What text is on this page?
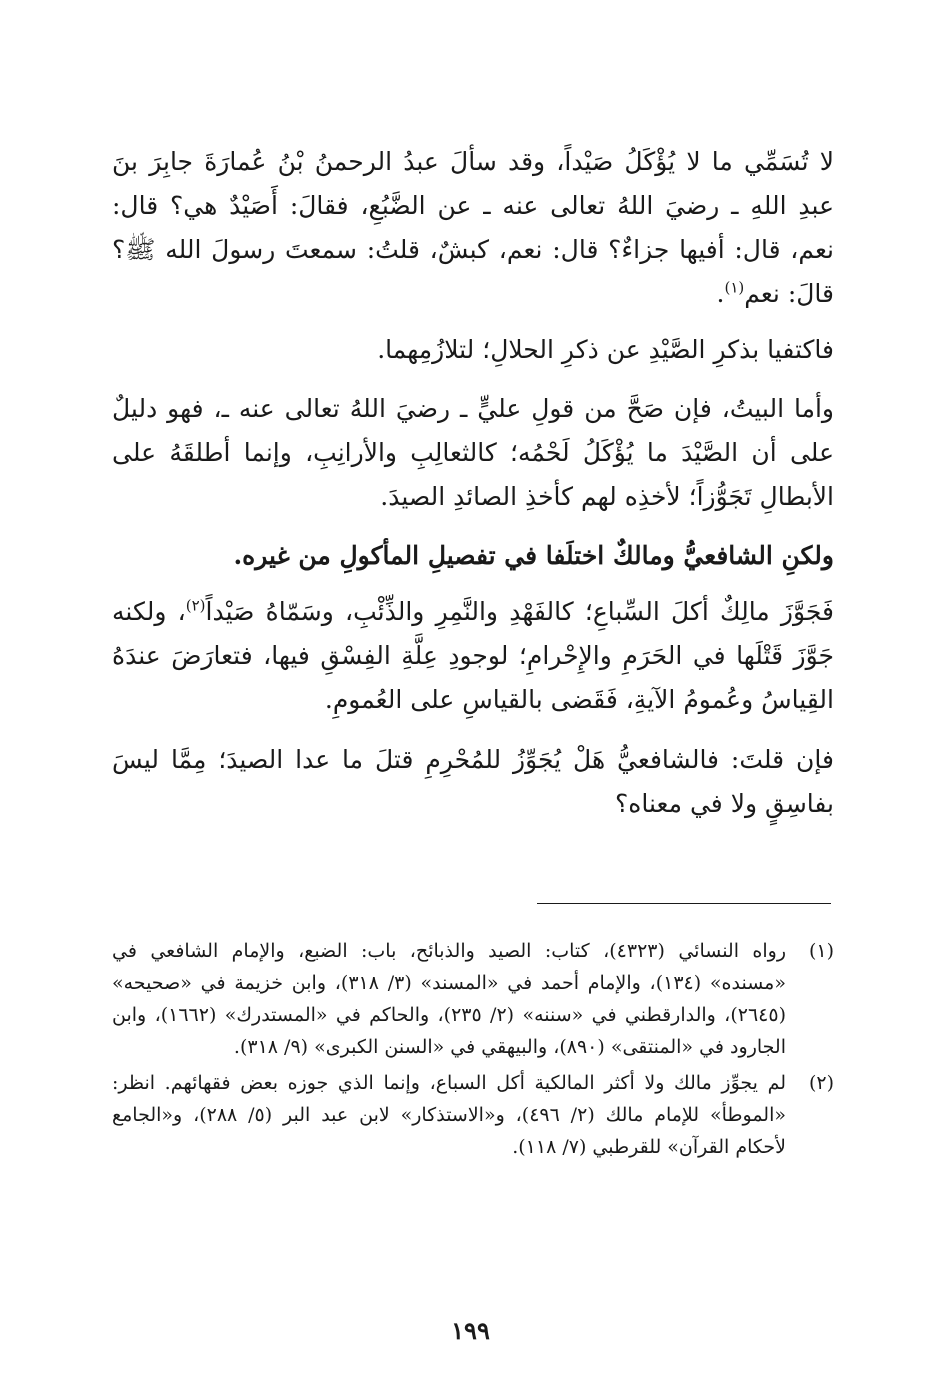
لا تُسَمِّي ما لا يُؤْكَلُ صَيْداً، وقد سألَ عبدُ الرحمنُ بْنُ عُمارَةَ جابِرَ بنَ عبدِ اللهِ ـ رضيَ اللهُ تعالى عنه ـ عن الضَّبُعِ، فقالَ: أَصَيْدٌ هي؟ قال: نعم، قال: أفيها جزاءٌ؟ قال: نعم، كبشٌ، قلتُ: سمعتَ رسولَ الله ﷺ؟ قالَ: نعم$^{(١)}$.

فاكتفيا بذكرِ الصَّيْدِ عن ذكرِ الحلالِ؛ لتلازُمِهما.

وأما البيتُ، فإن صَحَّ من قولِ عليٍّ ـ رضيَ اللهُ تعالى عنه ـ، فهو دليلٌ على أن الصَّيْدَ ما يُؤْكَلُ لَحْمُه؛ كالثعالِبِ والأرانِبِ، وإنما أطلقَهُ على الأبطالِ تَجَوُّزاً؛ لأخذِه لهم كأخذِ الصائدِ الصيدَ.

ولكنِ الشافعيُّ ومالكٌ اختلَفا في تفصيلِ المأكولِ من غيره.

فَجَوَّزَ مالِكٌ أكلَ السِّباعِ؛ كالفَهْدِ والنَّمِرِ والذِّئْبِ، وسَمّاهُ صَيْداً$^{(٢)}$، ولكنه جَوَّزَ قَتْلَها في الحَرَمِ والإِحْرامِ؛ لوجودِ عِلَّةِ الفِسْقِ فيها، فتعارَضَ عندَهُ القِياسُ وعُمومُ الآيةِ، فَقَضى بالقياسِ على العُمومِ.

فإن قلتَ: فالشافعيُّ هَلْ يُجَوِّزُ للمُحْرِمِ قتلَ ما عدا الصيدَ؛ مِمَّا ليسَ بفاسِقٍ ولا في معناه؟

(١)

رواه النسائي (٤٣٢٣)، كتاب: الصيد والذبائح، باب: الضبع، والإمام الشافعي في «مسنده» (١٣٤)، والإمام أحمد في «المسند» (٣/ ٣١٨)، وابن خزيمة في «صحيحه» (٢٦٤٥)، والدارقطني في «سننه» (٢/ ٢٣٥)، والحاكم في «المستدرك» (١٦٦٢)، وابن الجارود في «المنتقى» (٨٩٠)، والبيهقي في «السنن الكبرى» (٩/ ٣١٨).

(٢)

لم يجوِّز مالك ولا أكثر المالكية أكل السباع، وإنما الذي جوزه بعض فقهائهم. انظر: «الموطأ» للإمام مالك (٢/ ٤٩٦)، و«الاستذكار» لابن عبد البر (٥/ ٢٨٨)، و«الجامع لأحكام القرآن» للقرطبي (٧/ ١١٨).

١٩٩
